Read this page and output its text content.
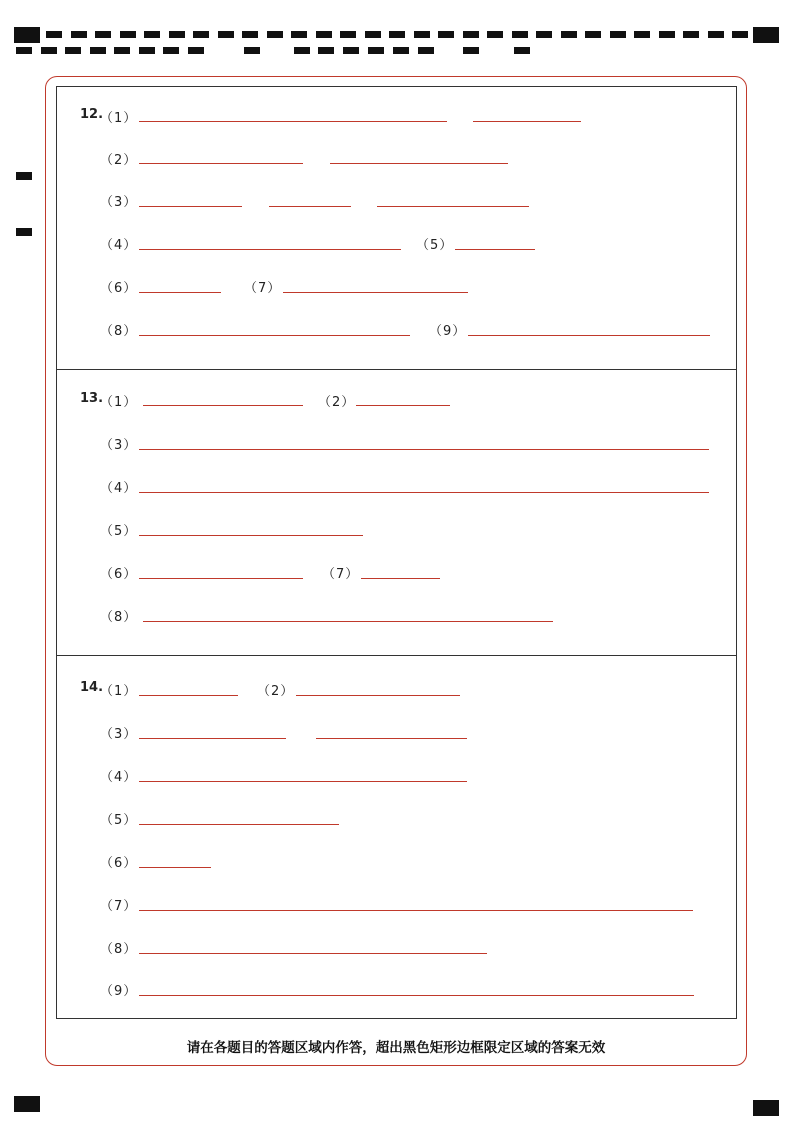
12.
（1）
（2）
（3）
（4）	（5）
（6）	（7）
（8）	（9）
13.
（1）	（2）
（3）
（4）
（5）
（6）	（7）
（8）
14.
（1）	（2）
（3）
（4）
（5）
（6）
（7）
（8）
（9）
请在各题目的答题区域内作答，超出黑色矩形边框限定区域的答案无效
